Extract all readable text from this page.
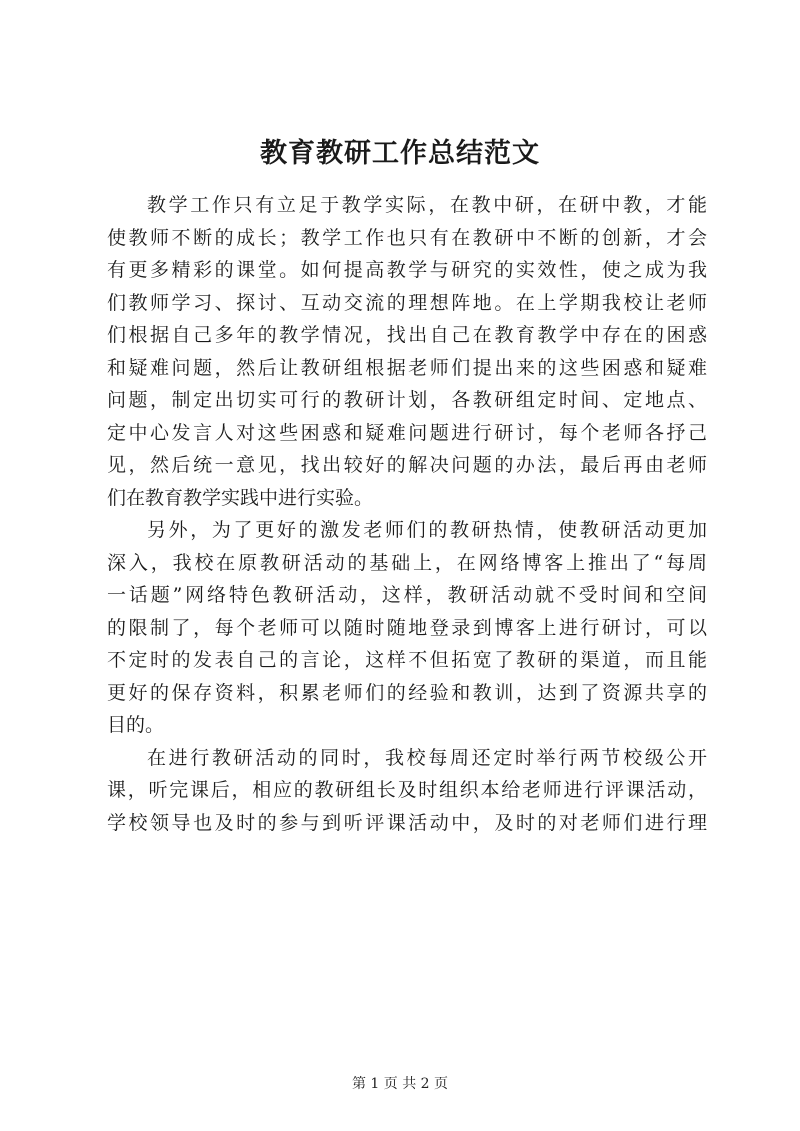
教育教研工作总结范文
教学工作只有立足于教学实际，在教中研，在研中教，才能
使教师不断的成长；教学工作也只有在教研中不断的创新，才会
有更多精彩的课堂。如何提高教学与研究的实效性，使之成为我
们教师学习、探讨、互动交流的理想阵地。在上学期我校让老师
们根据自己多年的教学情况，找出自己在教育教学中存在的困惑
和疑难问题，然后让教研组根据老师们提出来的这些困惑和疑难
问题，制定出切实可行的教研计划，各教研组定时间、定地点、
定中心发言人对这些困惑和疑难问题进行研讨，每个老师各抒己
见，然后统一意见，找出较好的解决问题的办法，最后再由老师
们在教育教学实践中进行实验。
另外，为了更好的激发老师们的教研热情，使教研活动更加
深入，我校在原教研活动的基础上，在网络博客上推出了“每周
一话题”网络特色教研活动，这样，教研活动就不受时间和空间
的限制了，每个老师可以随时随地登录到博客上进行研讨，可以
不定时的发表自己的言论，这样不但拓宽了教研的渠道，而且能
更好的保存资料，积累老师们的经验和教训，达到了资源共享的
目的。
在进行教研活动的同时，我校每周还定时举行两节校级公开
课，听完课后，相应的教研组长及时组织本给老师进行评课活动，
学校领导也及时的参与到听评课活动中，及时的对老师们进行理
第 1 页 共 2 页
